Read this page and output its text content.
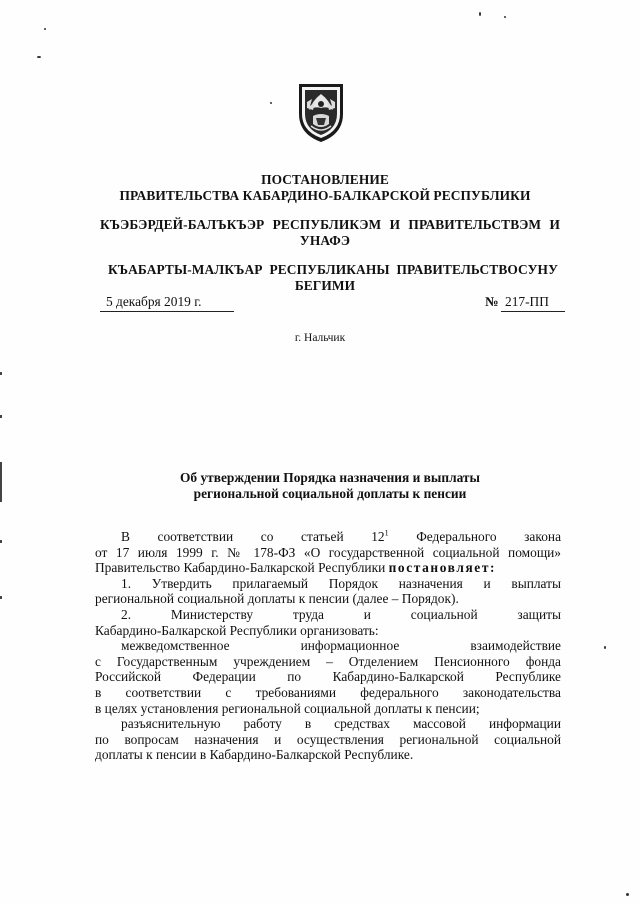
ПОСТАНОВЛЕНИЕ
ПРАВИТЕЛЬСТВА КАБАРДИНО-БАЛКАРСКОЙ РЕСПУБЛИКИ
КЪЭБЭРДЕЙ-БАЛЪКЪЭР РЕСПУБЛИКЭМ И ПРАВИТЕЛЬСТВЭМ И
УНАФЭ
КЪАБАРТЫ-МАЛКЪАР РЕСПУБЛИКАНЫ ПРАВИТЕЛЬСТВОСУНУ
БЕГИМИ
5 декабря 2019 г.	№ 217-ПП
г. Нальчик
Об утверждении Порядка назначения и выплаты
региональной социальной доплаты к пенсии
В соответствии со статьей $12^1$ Федерального закона
от 17 июля 1999 г. № 178-ФЗ «О государственной социальной помощи»
Правительство Кабардино-Балкарской Республики постановляет:
1. Утвердить прилагаемый Порядок назначения и выплаты
региональной социальной доплаты к пенсии (далее – Порядок).
2. Министерству труда и социальной защиты
Кабардино-Балкарской Республики организовать:
межведомственное информационное взаимодействие
с Государственным учреждением – Отделением Пенсионного фонда
Российской Федерации по Кабардино-Балкарской Республике
в соответствии с требованиями федерального законодательства
в целях установления региональной социальной доплаты к пенсии;
разъяснительную работу в средствах массовой информации
по вопросам назначения и осуществления региональной социальной
доплаты к пенсии в Кабардино-Балкарской Республике.
